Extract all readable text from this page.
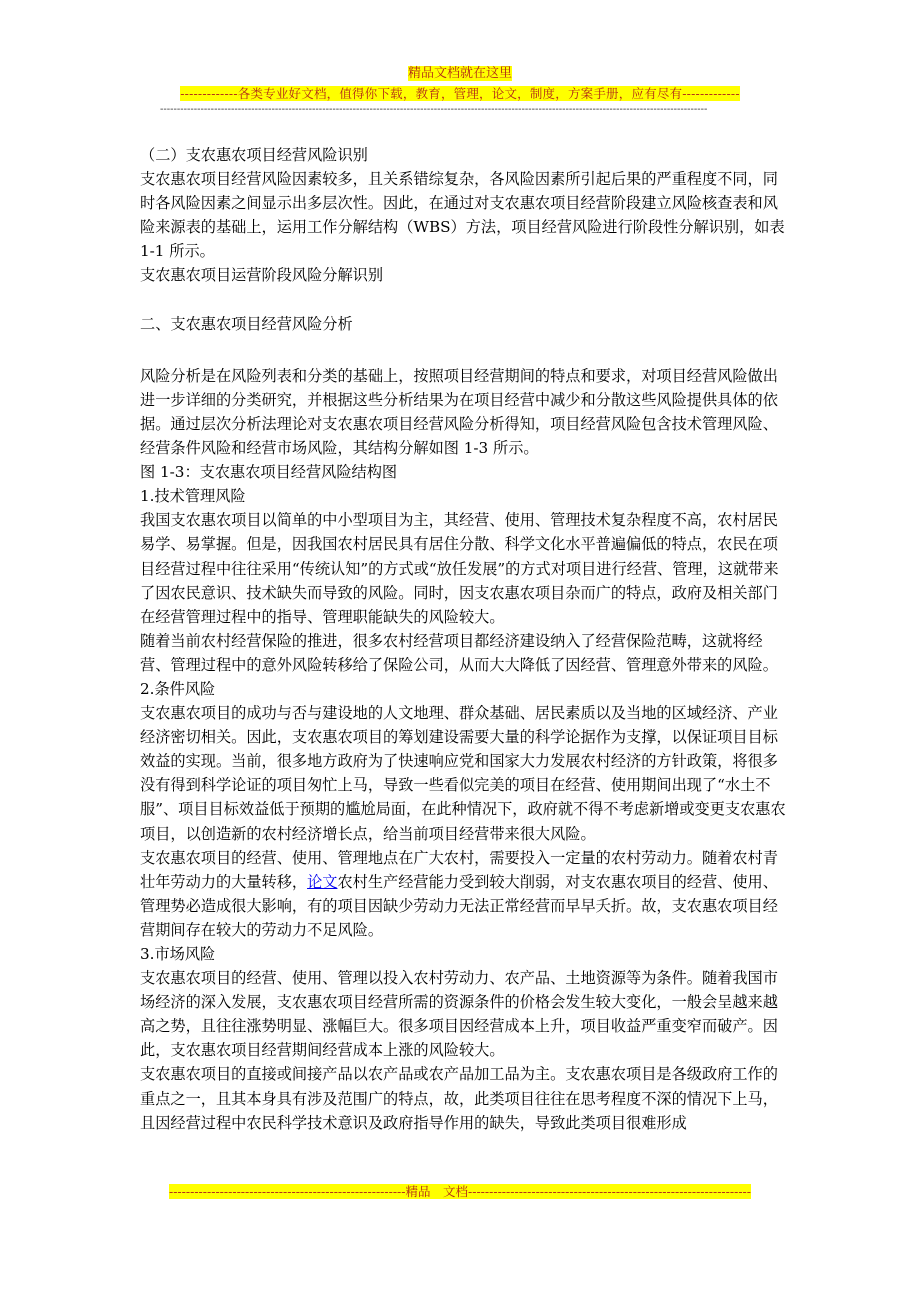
精品文档就在这里
-------------各类专业好文档，值得你下载，教育，管理，论文，制度，方案手册，应有尽有-------------
------------------------------------------------------------------------------------------------------------------------------------------------------------------

（二）支农惠农项目经营风险识别

支农惠农项目经营风险因素较多，且关系错综复杂，各风险因素所引起后果的严重程度不同，同时各风险因素之间显示出多层次性。因此，在通过对支农惠农项目经营阶段建立风险核查表和风险来源表的基础上，运用工作分解结构（WBS）方法，项目经营风险进行阶段性分解识别，如表 1-1 所示。

支农惠农项目运营阶段风险分解识别

二、支农惠农项目经营风险分析

风险分析是在风险列表和分类的基础上，按照项目经营期间的特点和要求，对项目经营风险做出进一步详细的分类研究，并根据这些分析结果为在项目经营中减少和分散这些风险提供具体的依据。通过层次分析法理论对支农惠农项目经营风险分析得知，项目经营风险包含技术管理风险、经营条件风险和经营市场风险，其结构分解如图 1-3 所示。

图 1-3：支农惠农项目经营风险结构图

1.技术管理风险

我国支农惠农项目以简单的中小型项目为主，其经营、使用、管理技术复杂程度不高，农村居民易学、易掌握。但是，因我国农村居民具有居住分散、科学文化水平普遍偏低的特点，农民在项目经营过程中往往采用“传统认知”的方式或“放任发展”的方式对项目进行经营、管理，这就带来了因农民意识、技术缺失而导致的风险。同时，因支农惠农项目杂而广的特点，政府及相关部门在经营管理过程中的指导、管理职能缺失的风险较大。

随着当前农村经营保险的推进，很多农村经营项目都经济建设纳入了经营保险范畴，这就将经营、管理过程中的意外风险转移给了保险公司，从而大大降低了因经营、管理意外带来的风险。

2.条件风险

支农惠农项目的成功与否与建设地的人文地理、群众基础、居民素质以及当地的区域经济、产业经济密切相关。因此，支农惠农项目的筹划建设需要大量的科学论据作为支撑，以保证项目目标效益的实现。当前，很多地方政府为了快速响应党和国家大力发展农村经济的方针政策，将很多没有得到科学论证的项目匆忙上马，导致一些看似完美的项目在经营、使用期间出现了“水土不服”、项目目标效益低于预期的尴尬局面，在此种情况下，政府就不得不考虑新增或变更支农惠农项目，以创造新的农村经济增长点，给当前项目经营带来很大风险。

支农惠农项目的经营、使用、管理地点在广大农村，需要投入一定量的农村劳动力。随着农村青壮年劳动力的大量转移，论文农村生产经营能力受到较大削弱，对支农惠农项目的经营、使用、管理势必造成很大影响，有的项目因缺少劳动力无法正常经营而早早夭折。故，支农惠农项目经营期间存在较大的劳动力不足风险。

3.市场风险

支农惠农项目的经营、使用、管理以投入农村劳动力、农产品、土地资源等为条件。随着我国市场经济的深入发展，支农惠农项目经营所需的资源条件的价格会发生较大变化，一般会呈越来越高之势，且往往涨势明显、涨幅巨大。很多项目因经营成本上升，项目收益严重变窄而破产。因此，支农惠农项目经营期间经营成本上涨的风险较大。

支农惠农项目的直接或间接产品以农产品或农产品加工品为主。支农惠农项目是各级政府工作的重点之一，且其本身具有涉及范围广的特点，故，此类项目往往在思考程度不深的情况下上马，且因经营过程中农民科学技术意识及政府指导作用的缺失，导致此类项目很难形成

--------------------------------------------------------精品　文档-------------------------------------------------------------------
